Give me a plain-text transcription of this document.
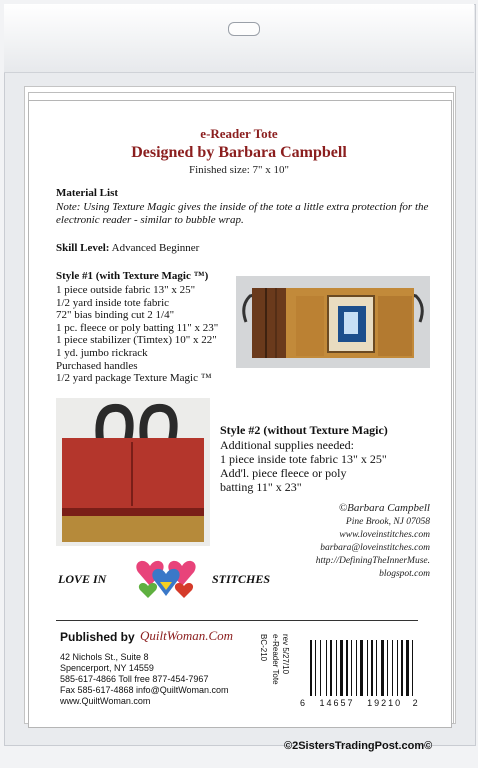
e-Reader Tote
Designed by Barbara Campbell
Finished size: 7" x 10"
Material List
Note: Using Texture Magic gives the inside of the tote a little extra protection for the electronic reader - similar to bubble wrap.
Skill Level: Advanced Beginner
Style #1 (with Texture Magic ™)
1 piece outside fabric 13" x 25"
1/2 yard inside tote fabric
72" bias binding cut 2 1/4"
1 pc. fleece or poly batting 11" x 23"
1 piece stabilizer (Timtex) 10" x 22"
1 yd. jumbo rickrack
Purchased handles
1/2 yard package Texture Magic ™
Style #2 (without Texture Magic)
Additional supplies needed:
1 piece inside tote fabric 13" x 25"
Add'l. piece fleece or poly
batting 11" x 23"
©Barbara Campbell
Pine Brook, NJ 07058
www.loveinstitches.com
barbara@loveinstitches.com
http://DefiningTheInnerMuse.
blogspot.com
LOVE IN	STITCHES
Published by QuiltWoman.Com
42 Nichols St., Suite 8
Spencerport, NY 14559
585-617-4866 Toll free 877-454-7967
Fax 585-617-4868 info@QuiltWoman.com
www.QuiltWoman.com
BC-210 e-Reader Tote rev 5/27/10
6 14657 19210 2
©2SistersTradingPost.com©
